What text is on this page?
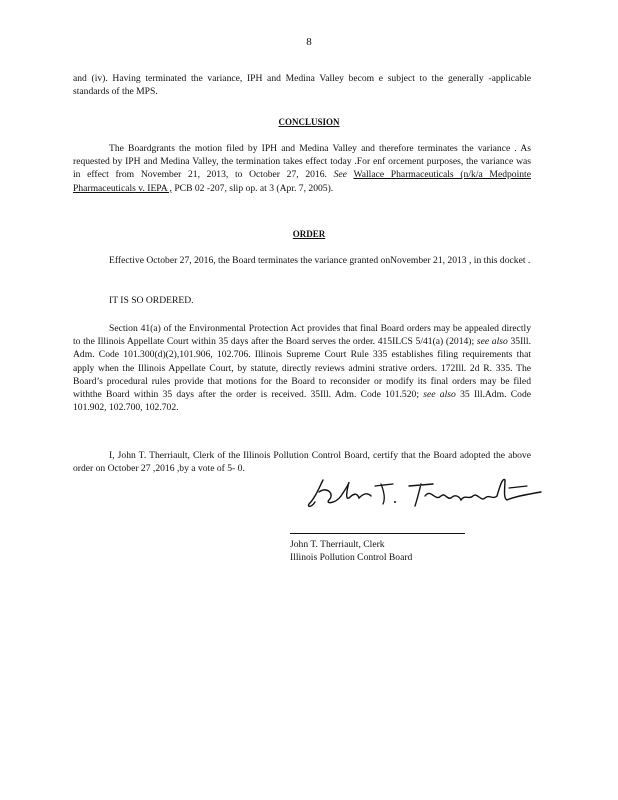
8
and (iv). Having terminated the variance, IPH and Medina Valley becom e subject to the generally -applicable standards of the MPS.
CONCLUSION
The Boardgrants the motion filed by IPH and Medina Valley and therefore terminates the variance . As requested by IPH and Medina Valley, the termination takes effect today .For enf orcement purposes, the variance was in effect from November 21, 2013, to October 27, 2016. See Wallace Pharmaceuticals (n/k/a Medpointe Pharmaceuticals v. IEPA , PCB 02 -207, slip op. at 3 (Apr. 7, 2005).
ORDER
Effective October 27, 2016, the Board terminates the variance granted onNovember 21, 2013 , in this docket .
IT IS SO ORDERED.
Section 41(a) of the Environmental Protection Act provides that final Board orders may be appealed directly to the Illinois Appellate Court within 35 days after the Board serves the order. 415ILCS 5/41(a) (2014); see also 35Ill. Adm. Code 101.300(d)(2),101.906, 102.706. Illinois Supreme Court Rule 335 establishes filing requirements that apply when the Illinois Appellate Court, by statute, directly reviews admini strative orders. 172Ill. 2d R. 335. The Board’s procedural rules provide that motions for the Board to reconsider or modify its final orders may be filed withthe Board within 35 days after the order is received. 35Ill. Adm. Code 101.520; see also 35 Ill.Adm. Code 101.902, 102.700, 102.702.
I, John T. Therriault, Clerk of the Illinois Pollution Control Board, certify that the Board adopted the above order on October 27 ,2016 ,by a vote of 5- 0.
John T. Therriault, Clerk
Illinois Pollution Control Board
